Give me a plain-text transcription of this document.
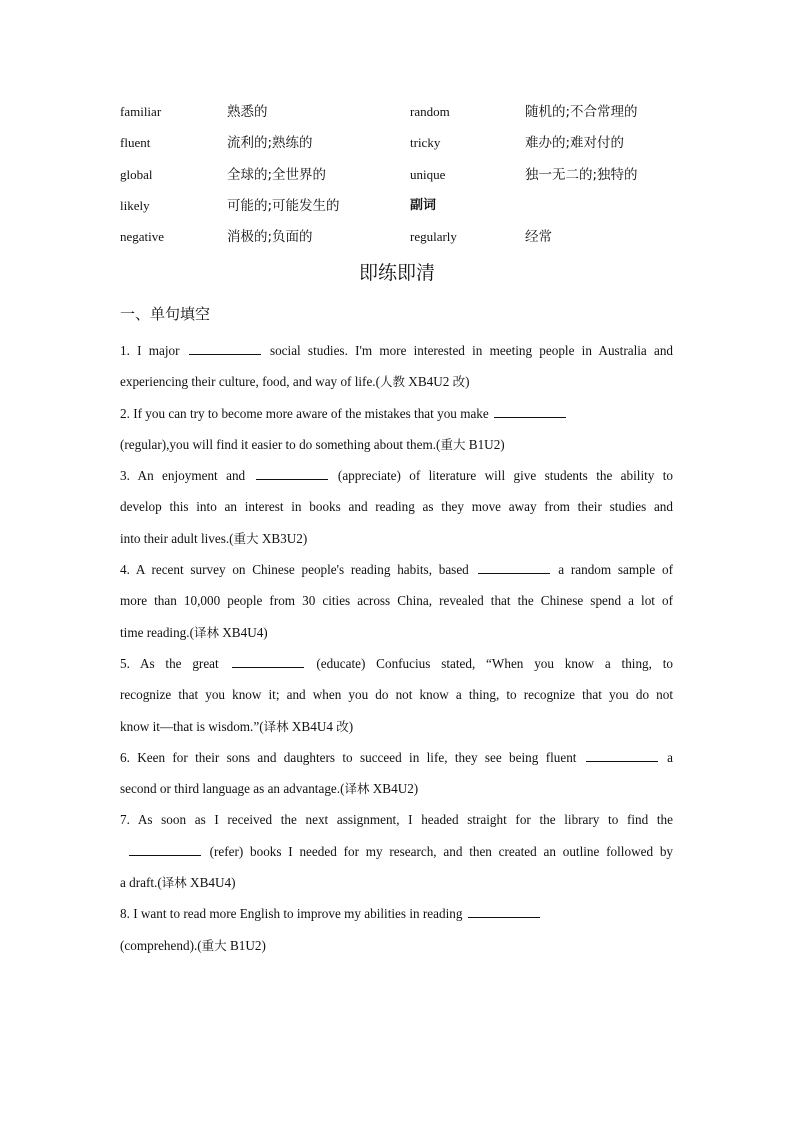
familiar	熟悉的	random	随机的;不合常理的
fluent	流利的;熟练的	tricky	难办的;难对付的
global	全球的;全世界的	unique	独一无二的;独特的
likely	可能的;可能发生的	副词
negative	消极的;负面的	regularly	经常
即练即清
一、单句填空
1. I major	social studies. I'm more interested in meeting people in Australia and
experiencing their culture, food, and way of life.(人教 XB4U2 改)
2. If you can try to become more aware of the mistakes that you make
(regular),you will find it easier to do something about them.(重大 B1U2)
3. An enjoyment and	(appreciate) of literature will give students the ability to
develop this into an interest in books and reading as they move away from their studies and
into their adult lives.(重大 XB3U2)
4. A recent survey on Chinese people's reading habits, based	a random sample of
more than 10,000 people from 30 cities across China, revealed that the Chinese spend a lot of
time reading.(译林 XB4U4)
5. As the great	(educate) Confucius stated, “When you know a thing, to
recognize that you know it; and when you do not know a thing, to recognize that you do not
know it—that is wisdom.”(译林 XB4U4 改)
6. Keen for their sons and daughters to succeed in life, they see being fluent	a
second or third language as an advantage.(译林 XB4U2)
7. As soon as I received the next assignment, I headed straight for the library to find the
(refer) books I needed for my research, and then created an outline followed by
a draft.(译林 XB4U4)
8. I want to read more English to improve my abilities in reading
(comprehend).(重大 B1U2)
